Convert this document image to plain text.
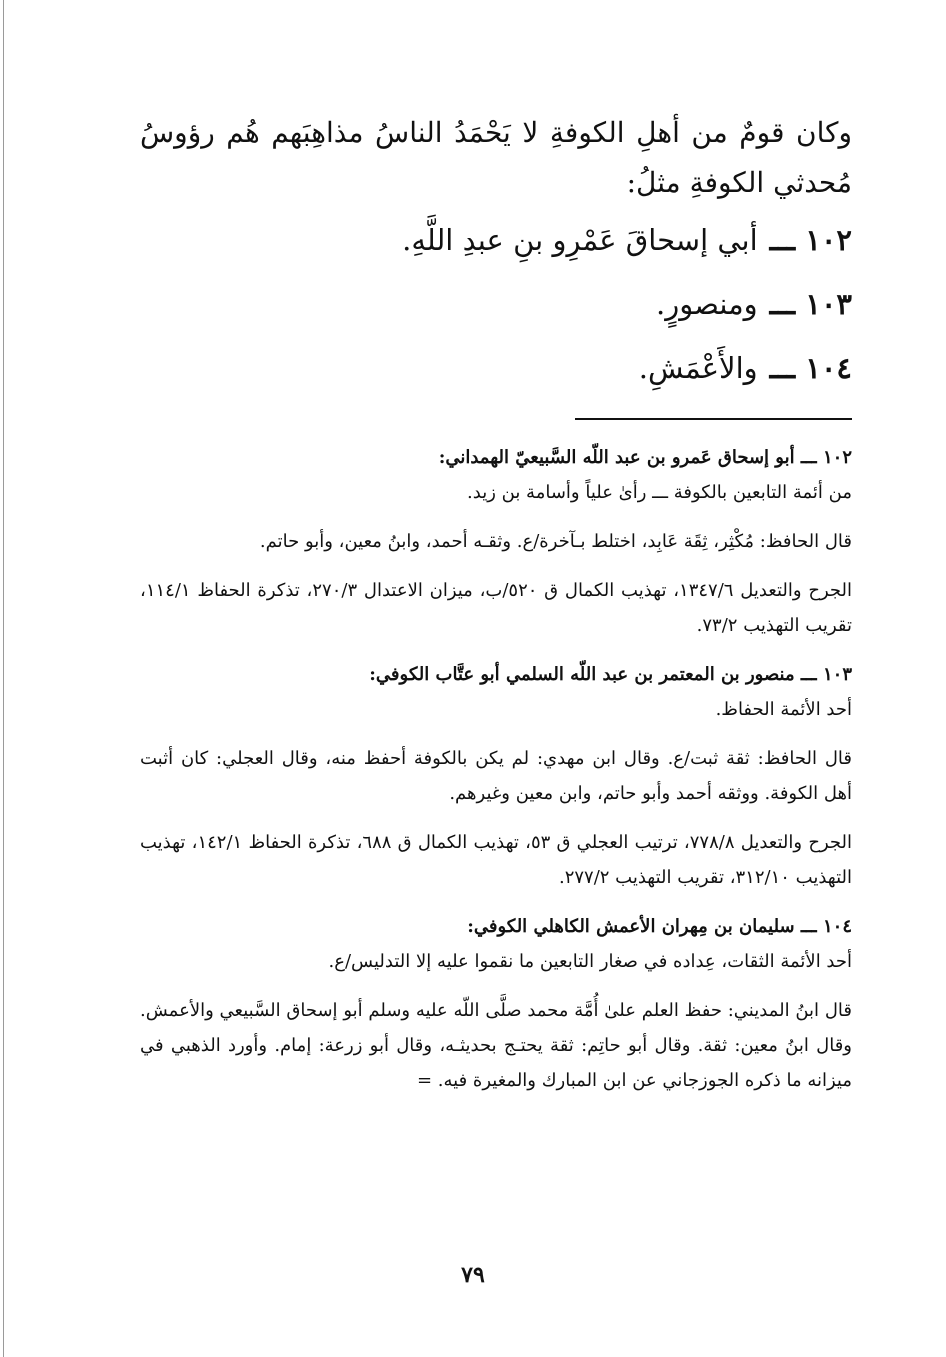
وكان قومٌ من أهلِ الكوفةِ لا يَحْمَدُ الناسُ مذاهِبَهم هُم رؤوسُ مُحدثي الكوفةِ مثلُ:

١٠٢ ـــأبي إسحاقَ عَمْرِو بنِ عبدِ اللَّهِ.

١٠٣ ـــومنصورٍ.

١٠٤ ـــوالأَعْمَشِ.

١٠٢ ـــ أبو إسحاق عَمرو بن عبد اللّه السَّبيعيّ الهمداني:

من أئمة التابعين بالكوفة ـــ رأىٰ علياً وأسامة بن زيد.

قال الحافظ: مُكْثِر، ثِقَة عَابِد، اختلط بـآخرة/ع. وثقـه أحمد، وابنُ معين، وأبو حاتم.

الجرح والتعديل ١٣٤٧/٦، تهذيب الكمال ق ٥٢٠/ب، ميزان الاعتدال ٢٧٠/٣، تذكرة الحفاظ ١١٤/١، تقريب التهذيب ٧٣/٢.

١٠٣ ـــ منصور بن المعتمر بن عبد اللّه السلمي أبو عتَّاب الكوفي:

أحد الأئمة الحفاظ.

قال الحافظ: ثقة ثبت/ع. وقال ابن مهدي: لم يكن بالكوفة أحفظ منه، وقال العجلي: كان أثبت أهل الكوفة. ووثقه أحمد وأبو حاتم، وابن معين وغيرهم.

الجرح والتعديل ٧٧٨/٨، ترتيب العجلي ق ٥٣، تهذيب الكمال ق ٦٨٨، تذكرة الحفاظ ١٤٢/١، تهذيب التهذيب ٣١٢/١٠، تقريب التهذيب ٢٧٧/٢.

١٠٤ ـــ سليمان بن مِهران الأعمش الكاهلي الكوفي:

أحد الأئمة الثقات، عِداده في صغار التابعين ما نقموا عليه إلا التدليس/ع.

قال ابنُ المديني: حفظ العلم علىٰ أُمَّة محمد صلَّى اللّه عليه وسلم أبو إسحاق السَّبيعي والأعمش. وقال ابنُ معين: ثقة. وقال أبو حاتِم: ثقة يحتـج بحديثـه، وقال أبو زرعة: إمام. وأورد الذهبي في ميزانه ما ذكره الجوزجاني عن ابن المبارك والمغيرة فيه. =

٧٩
